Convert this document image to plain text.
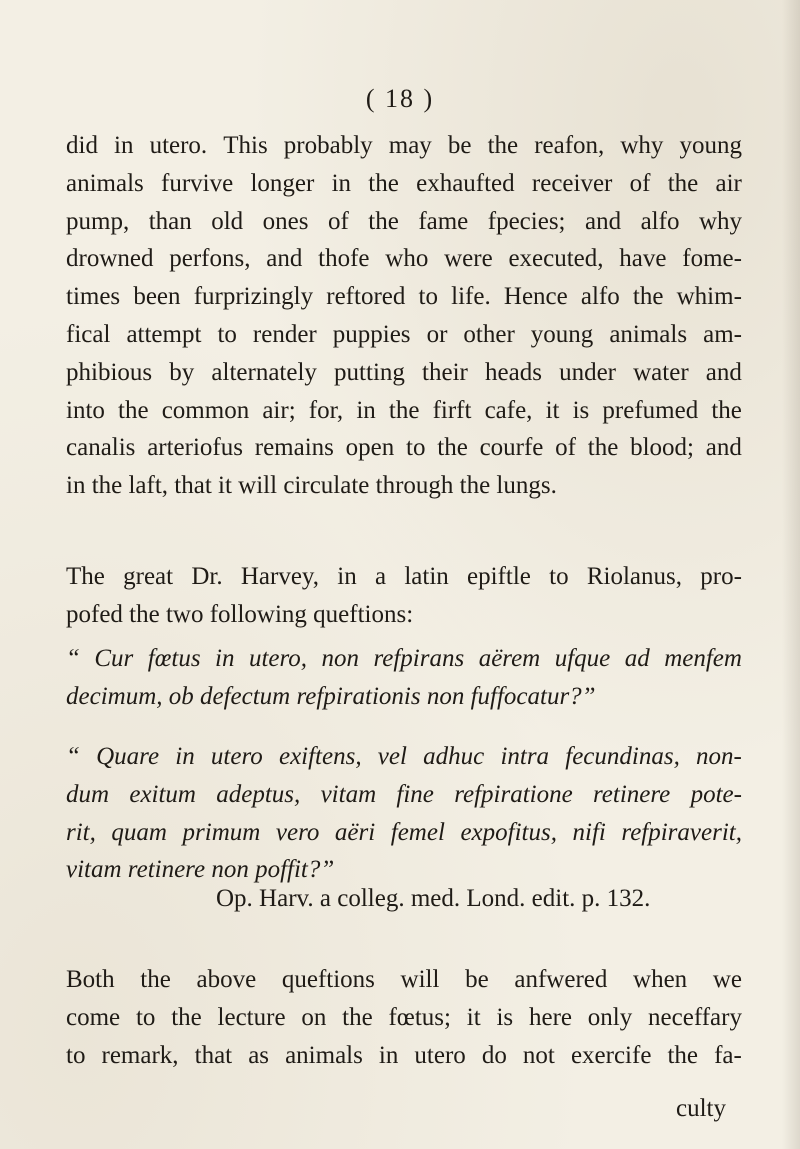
( 18 )
did in utero. This probably may be the reafon, why young
animals furvive longer in the exhaufted receiver of the air
pump, than old ones of the fame fpecies; and alfo why
drowned perfons, and thofe who were executed, have fome-
times been furprizingly reftored to life. Hence alfo the whim-
fical attempt to render puppies or other young animals am-
phibious by alternately putting their heads under water and
into the common air; for, in the firft cafe, it is prefumed the
canalis arteriofus remains open to the courfe of the blood; and
in the laft, that it will circulate through the lungs.
The great Dr. Harvey, in a latin epiftle to Riolanus, pro-
pofed the two following queftions:
“ Cur fœtus in utero, non refpirans aërem ufque ad menfem
decimum, ob defectum refpirationis non fuffocatur?”
“ Quare in utero exiftens, vel adhuc intra fecundinas, non-
dum exitum adeptus, vitam fine refpiratione retinere pote-
rit, quam primum vero aëri femel expofitus, nifi refpiraverit,
vitam retinere non poffit?”
Op. Harv. a colleg. med. Lond. edit. p. 132.
Both the above queftions will be anfwered when we
come to the lecture on the fœtus; it is here only neceffary
to remark, that as animals in utero do not exercife the fa-
culty
